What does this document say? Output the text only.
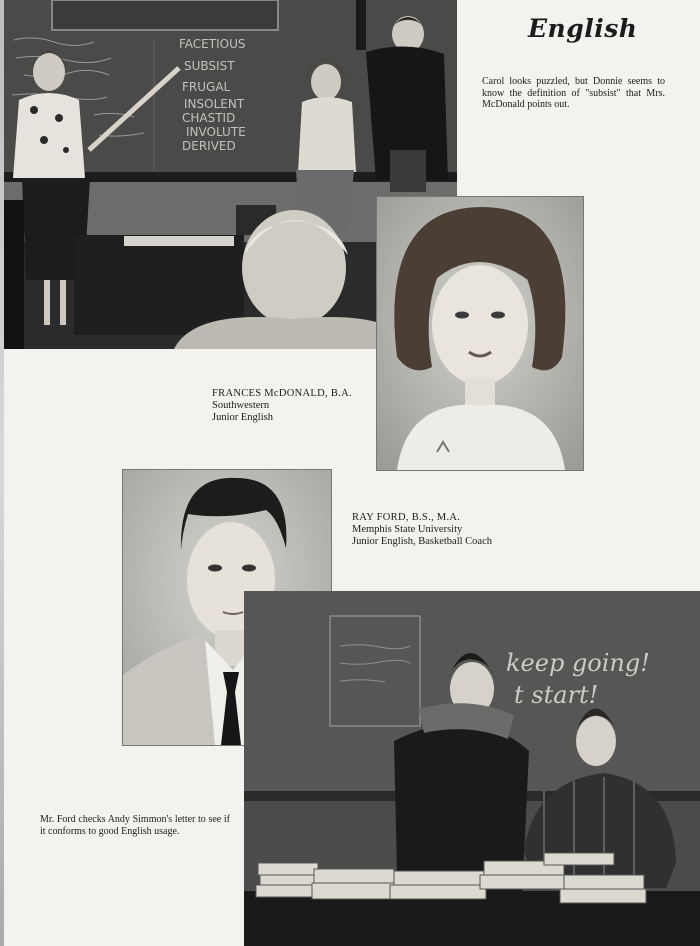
FACETIOUS
SUBSIST
FRUGAL
INSOLENT
CHASTID
INVOLUTE
DERIVED
English
Carol looks puzzled, but Donnie seems to know the definition of "subsist" that Mrs. McDonald points out.
FRANCES McDONALD, B.A.
Southwestern
Junior English
RAY FORD, B.S., M.A.
Memphis State University
Junior English, Basketball Coach
keep going!
t start!
Mr. Ford checks Andy Simmon's letter to see if it conforms to good English usage.
